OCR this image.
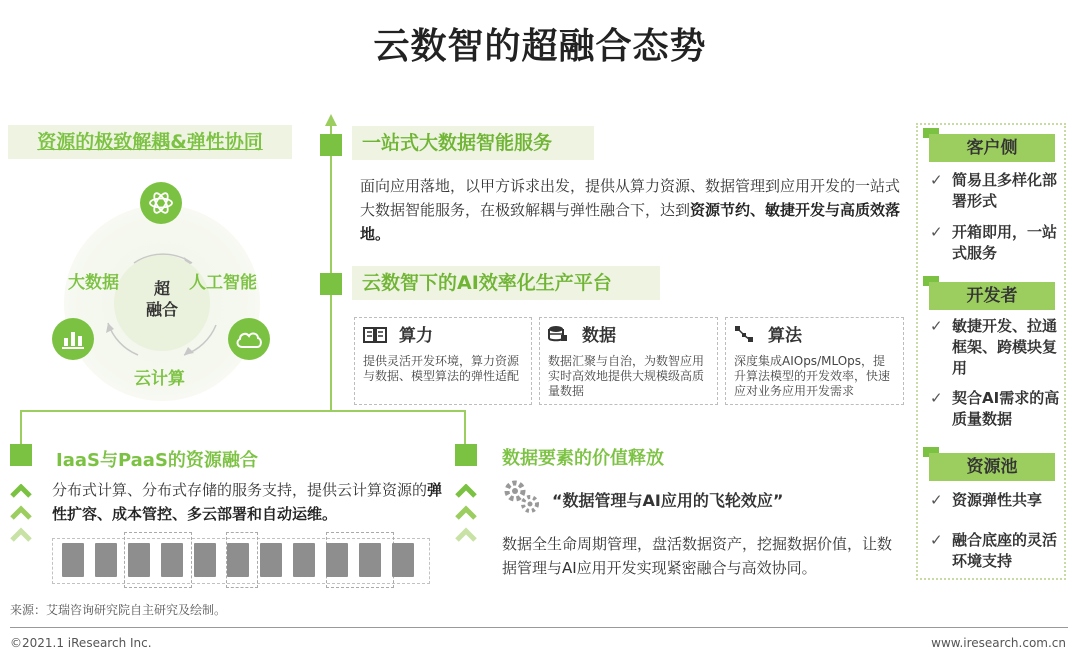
云数智的超融合态势
资源的极致解耦&弹性协同
超
融合
大数据	人工智能
云计算
一站式大数据智能服务
面向应用落地，以甲方诉求出发，提供从算力资源、数据管理到应用开发的一站式大数据智能服务，在极致解耦与弹性融合下，达到资源节约、敏捷开发与高质效落地。
云数智下的AI效率化生产平台
算力
提供灵活开发环境，算力资源与数据、模型算法的弹性适配
数据
数据汇聚与自治，为数智应用实时高效地提供大规模级高质量数据
算法
深度集成AIOps/MLOps，提升算法模型的开发效率，快速应对业务应用开发需求
IaaS与PaaS的资源融合
分布式计算、分布式存储的服务支持，提供云计算资源的弹性扩容、成本管控、多云部署和自动运维。
数据要素的价值释放
“数据管理与AI应用的飞轮效应”
数据全生命周期管理，盘活数据资产，挖掘数据价值，让数据管理与AI应用开发实现紧密融合与高效协同。
客户侧
✓ 简易且多样化部署形式
✓ 开箱即用，一站式服务
开发者
✓ 敏捷开发、拉通框架、跨模块复用
✓ 契合AI需求的高质量数据
资源池
✓ 资源弹性共享
✓ 融合底座的灵活环境支持
来源：艾瑞咨询研究院自主研究及绘制。
©2021.1 iResearch Inc.	www.iresearch.com.cn
